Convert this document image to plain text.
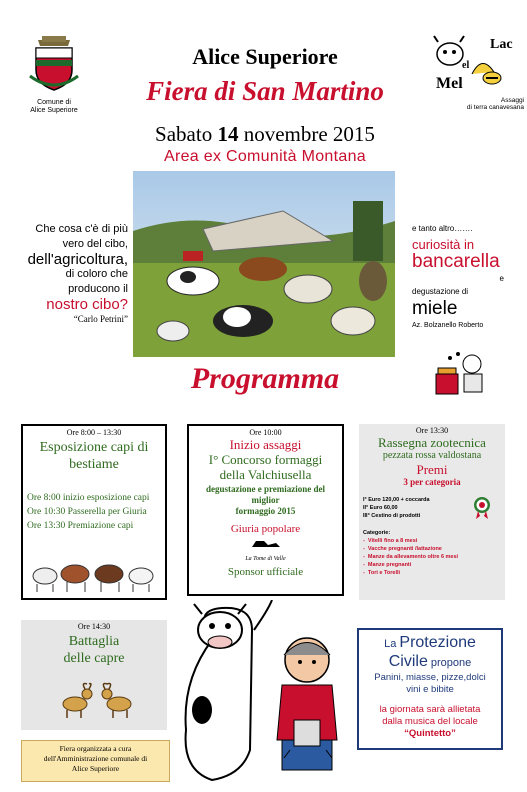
Comune di
Alice Superiore
Lac
el
Mel
Assaggi
di terra canavesana
Alice Superiore
Fiera di San Martino
Sabato 14 novembre 2015
Area ex Comunità Montana
Che cosa c'è di più
vero del cibo,
dell'agricoltura,
di coloro che
producono il
nostro cibo?
“Carlo Petrini”
e tanto altro…….
curiosità in
bancarella
e
degustazione di
miele
Az. Bolzanello Roberto
Programma
Ore 8:00 – 13:30
Esposizione capi di
bestiame
Ore 8:00 inizio esposizione capi
Ore 10:30 Passerella per Giuria
Ore 13:30 Premiazione capi
Ore 10:00
Inizio assaggi
I° Concorso formaggi
della Valchiusella
degustazione e premiazione del
miglior
formaggio 2015
Giuria popolare
La Tome di Valle
Sponsor ufficiale
Ore 13:30
Rassegna zootecnica
pezzata rossa valdostana
Premi
3 per categoria
I° Euro 120,00 + coccarda
II° Euro 60,00
III° Cestino di prodotti
Categorie:
-  Vitelli fino a 8 mesi
-  Vacche pregnanti /lattazione
-  Manze da allevamento oltre 6 mesi
-  Manze pregnanti
-  Tori e Torelli
Ore 14:30
Battaglia
delle capre
La Protezione
Civile propone
Panini, miasse, pizze,dolci
vini e bibite
la giornata sarà allietata
dalla musica del locale
“Quintetto”
Fiera organizzata a cura
dell'Amministrazione comunale di
Alice Superiore
